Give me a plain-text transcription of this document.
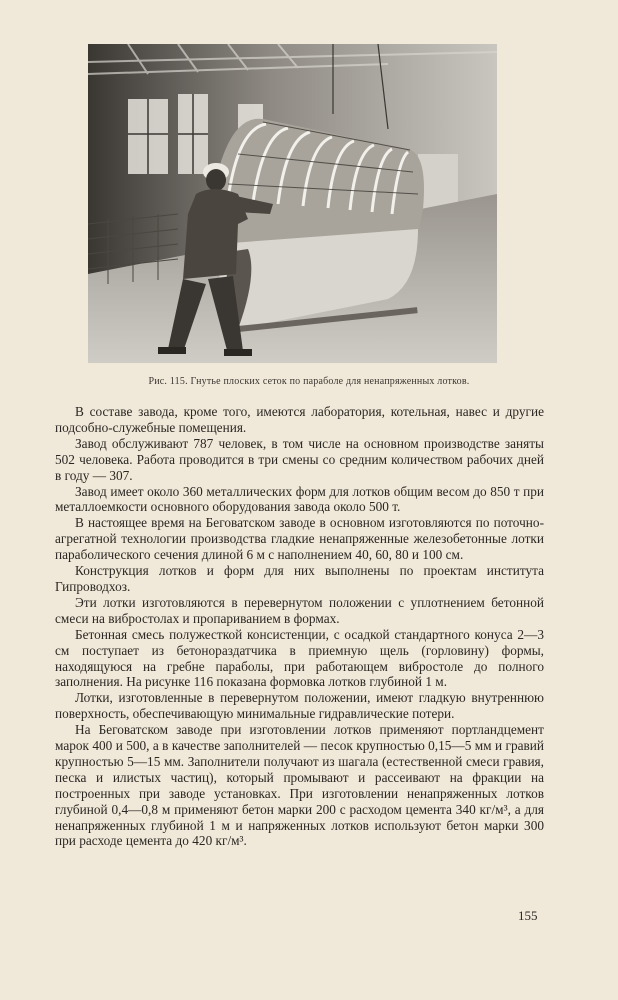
Рис. 115. Гнутье плоских сеток по параболе для ненапряженных лотков.

В составе завода, кроме того, имеются лаборатория, котельная, навес и другие подсобно-служебные помещения.

Завод обслуживают 787 человек, в том числе на основном производстве заняты 502 человека. Работа проводится в три смены со средним количеством рабочих дней в году — 307.

Завод имеет около 360 металлических форм для лотков общим весом до 850 т при металлоемкости основного оборудования завода около 500 т.

В настоящее время на Беговатском заводе в основном изготовляются по поточно-агрегатной технологии производства гладкие ненапряженные железобетонные лотки параболического сечения длиной 6 м с наполнением 40, 60, 80 и 100 см.

Конструкция лотков и форм для них выполнены по проектам института Гипроводхоз.

Эти лотки изготовляются в перевернутом положении с уплотнением бетонной смеси на вибростолах и пропариванием в формах.

Бетонная смесь полужесткой консистенции, с осадкой стандартного конуса 2—3 см поступает из бетонораздатчика в приемную щель (горловину) формы, находящуюся на гребне параболы, при работающем вибростоле до полного заполнения. На рисунке 116 показана формовка лотков глубиной 1 м.

Лотки, изготовленные в перевернутом положении, имеют гладкую внутреннюю поверхность, обеспечивающую минимальные гидравлические потери.

На Беговатском заводе при изготовлении лотков применяют портландцемент марок 400 и 500, а в качестве заполнителей — песок крупностью 0,15—5 мм и гравий крупностью 5—15 мм. Заполнители получают из шагала (естественной смеси гравия, песка и илистых частиц), который промывают и рассеивают на фракции на построенных при заводе установках. При изготовлении ненапряженных лотков глубиной 0,4—0,8 м применяют бетон марки 200 с расходом цемента 340 кг/м³, а для ненапряженных глубиной 1 м и напряженных лотков используют бетон марки 300 при расходе цемента до 420 кг/м³.

155
